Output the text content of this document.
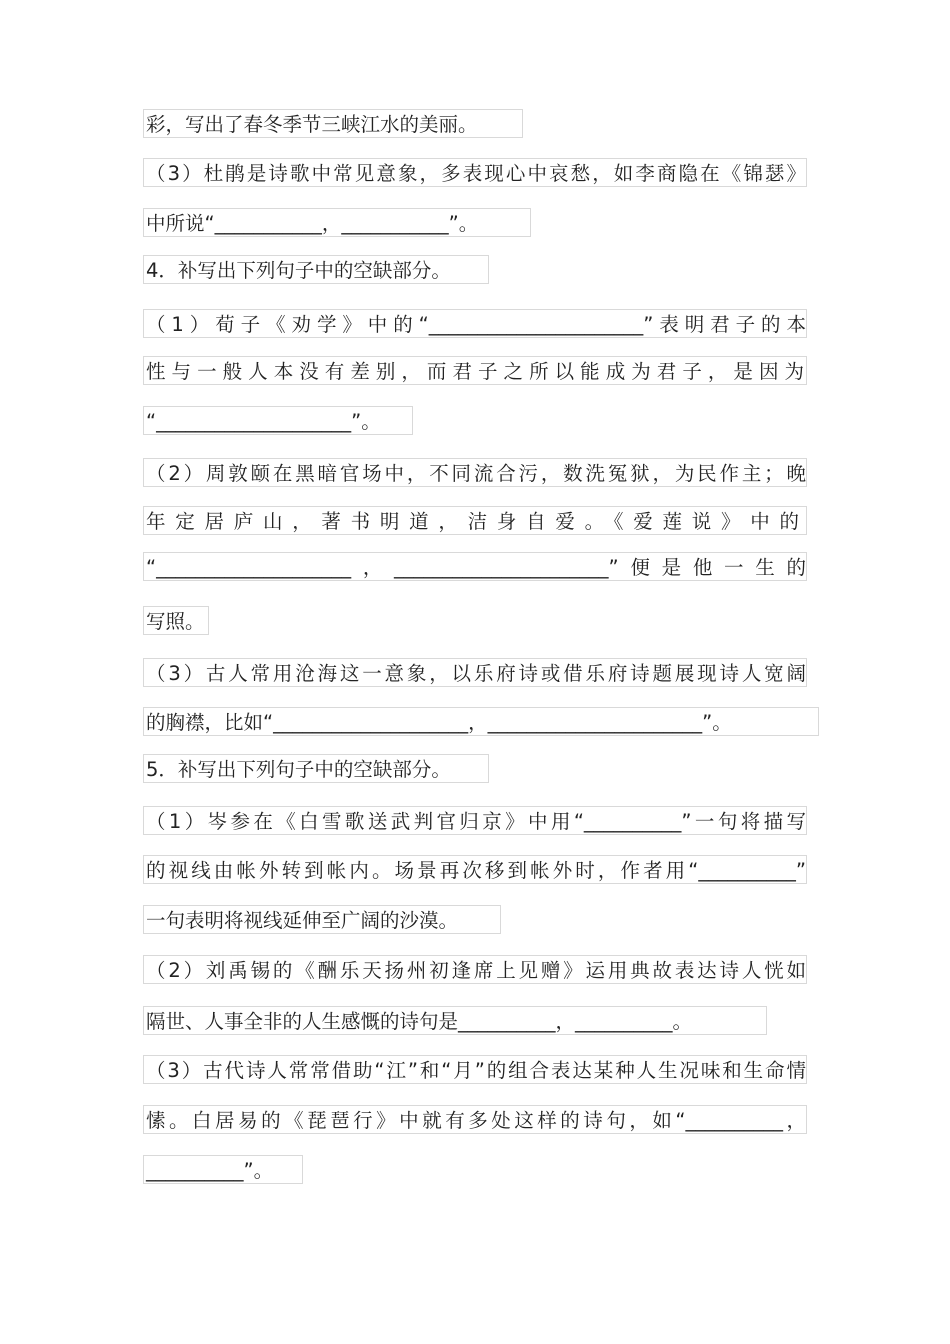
彩，写出了春冬季节三峡江水的美丽。
（3）杜鹃是诗歌中常见意象，多表现心中哀愁，如李商隐在《锦瑟》
中所说“___________，___________”。
4．补写出下列句子中的空缺部分。
（1）荀子《劝学》中的“______________________”表明君子的本
性与一般人本没有差别，而君子之所以能成为君子，是因为
“____________________”。
（2）周敦颐在黑暗官场中，不同流合污，数洗冤狱，为民作主；晚
年定居庐山，著书明道，洁身自爱。《爱莲说》中的
“____________________，______________________”便是他一生的
写照。
（3）古人常用沧海这一意象，以乐府诗或借乐府诗题展现诗人宽阔
的胸襟，比如“____________________，______________________”。
5．补写出下列句子中的空缺部分。
（1）岑参在《白雪歌送武判官归京》中用“__________”一句将描写
的视线由帐外转到帐内。场景再次移到帐外时，作者用“__________”
一句表明将视线延伸至广阔的沙漠。
（2）刘禹锡的《酬乐天扬州初逢席上见赠》运用典故表达诗人恍如
隔世、人事全非的人生感慨的诗句是__________，__________。
（3）古代诗人常常借助“江”和“月”的组合表达某种人生况味和生命情
愫。白居易的《琵琶行》中就有多处这样的诗句，如“__________，
__________”。
